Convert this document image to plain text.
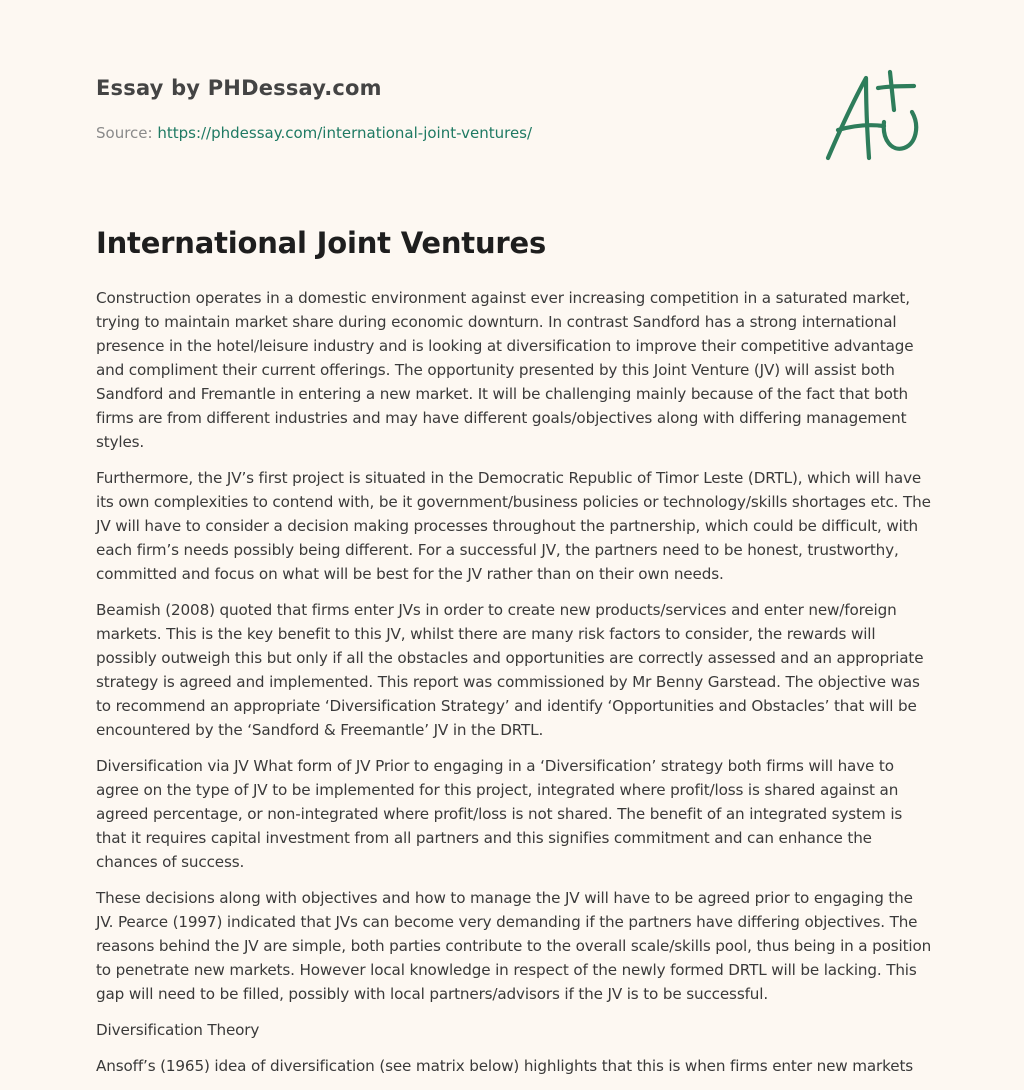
Essay by PHDessay.com
Source: https://phdessay.com/international-joint-ventures/
International Joint Ventures

Construction operates in a domestic environment against ever increasing competition in a saturated market, trying to maintain market share during economic downturn. In contrast Sandford has a strong international presence in the hotel/leisure industry and is looking at diversification to improve their competitive advantage and compliment their current offerings. The opportunity presented by this Joint Venture (JV) will assist both Sandford and Fremantle in entering a new market. It will be challenging mainly because of the fact that both firms are from different industries and may have different goals/objectives along with differing management styles.

Furthermore, the JV’s first project is situated in the Democratic Republic of Timor Leste (DRTL), which will have its own complexities to contend with, be it government/business policies or technology/skills shortages etc. The JV will have to consider a decision making processes throughout the partnership, which could be difficult, with each firm’s needs possibly being different. For a successful JV, the partners need to be honest, trustworthy, committed and focus on what will be best for the JV rather than on their own needs.

Beamish (2008) quoted that firms enter JVs in order to create new products/services and enter new/foreign markets. This is the key benefit to this JV, whilst there are many risk factors to consider, the rewards will possibly outweigh this but only if all the obstacles and opportunities are correctly assessed and an appropriate strategy is agreed and implemented. This report was commissioned by Mr Benny Garstead. The objective was to recommend an appropriate ‘Diversification Strategy’ and identify ‘Opportunities and Obstacles’ that will be encountered by the ‘Sandford & Freemantle’ JV in the DRTL.

Diversification via JV What form of JV Prior to engaging in a ‘Diversification’ strategy both firms will have to agree on the type of JV to be implemented for this project, integrated where profit/loss is shared against an agreed percentage, or non-integrated where profit/loss is not shared. The benefit of an integrated system is that it requires capital investment from all partners and this signifies commitment and can enhance the chances of success.

These decisions along with objectives and how to manage the JV will have to be agreed prior to engaging the JV. Pearce (1997) indicated that JVs can become very demanding if the partners have differing objectives. The reasons behind the JV are simple, both parties contribute to the overall scale/skills pool, thus being in a position to penetrate new markets. However local knowledge in respect of the newly formed DRTL will be lacking. This gap will need to be filled, possibly with local partners/advisors if the JV is to be successful.

Diversification Theory

Ansoff’s (1965) idea of diversification (see matrix below) highlights that this is when firms enter new markets
